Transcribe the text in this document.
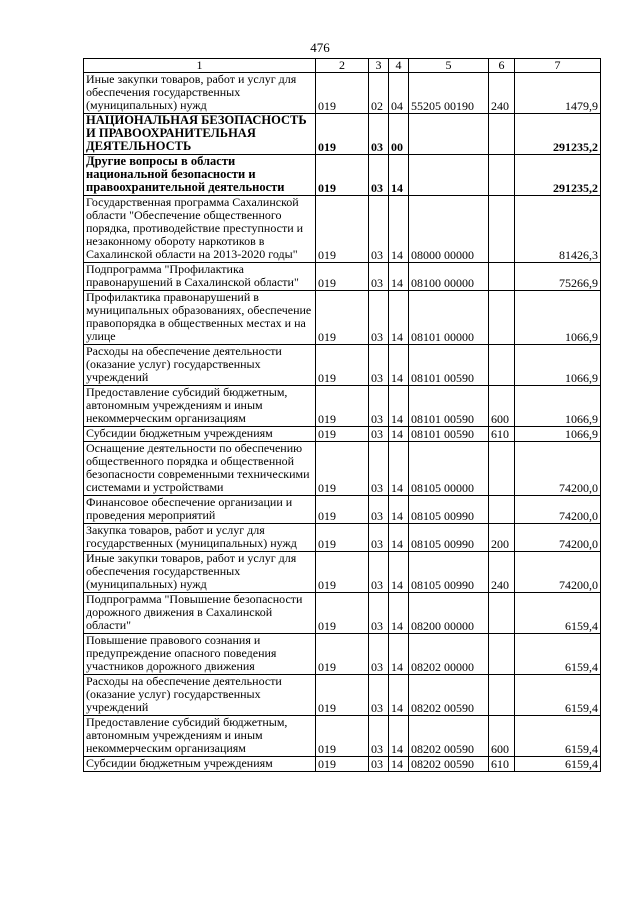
476
1	2	3	4	5	6	7
Иные закупки товаров, работ и услуг для обеспечения государственных (муниципальных) нужд	019	02	04	55205 00190	240	1479,9
НАЦИОНАЛЬНАЯ БЕЗОПАСНОСТЬ И ПРАВООХРАНИТЕЛЬНАЯ ДЕЯТЕЛЬНОСТЬ	019	03	00			291235,2
Другие вопросы в области национальной безопасности и правоохранительной деятельности	019	03	14			291235,2
Государственная программа Сахалинской области "Обеспечение общественного порядка, противодействие преступности и незаконному обороту наркотиков в Сахалинской области на 2013-2020 годы"	019	03	14	08000 00000		81426,3
Подпрограмма "Профилактика правонарушений в Сахалинской области"	019	03	14	08100 00000		75266,9
Профилактика правонарушений в муниципальных образованиях, обеспечение правопорядка в общественных местах и на улице	019	03	14	08101 00000		1066,9
Расходы на обеспечение деятельности (оказание услуг) государственных учреждений	019	03	14	08101 00590		1066,9
Предоставление субсидий бюджетным, автономным учреждениям и иным некоммерческим организациям	019	03	14	08101 00590	600	1066,9
Субсидии бюджетным учреждениям	019	03	14	08101 00590	610	1066,9
Оснащение деятельности по обеспечению общественного порядка и общественной безопасности современными техническими системами и устройствами	019	03	14	08105 00000		74200,0
Финансовое обеспечение организации и проведения мероприятий	019	03	14	08105 00990		74200,0
Закупка товаров, работ и услуг для государственных (муниципальных) нужд	019	03	14	08105 00990	200	74200,0
Иные закупки товаров, работ и услуг для обеспечения государственных (муниципальных) нужд	019	03	14	08105 00990	240	74200,0
Подпрограмма "Повышение безопасности дорожного движения в Сахалинской области"	019	03	14	08200 00000		6159,4
Повышение правового сознания и предупреждение опасного поведения участников дорожного движения	019	03	14	08202 00000		6159,4
Расходы на обеспечение деятельности (оказание услуг) государственных учреждений	019	03	14	08202 00590		6159,4
Предоставление субсидий бюджетным, автономным учреждениям и иным некоммерческим организациям	019	03	14	08202 00590	600	6159,4
Субсидии бюджетным учреждениям	019	03	14	08202 00590	610	6159,4
